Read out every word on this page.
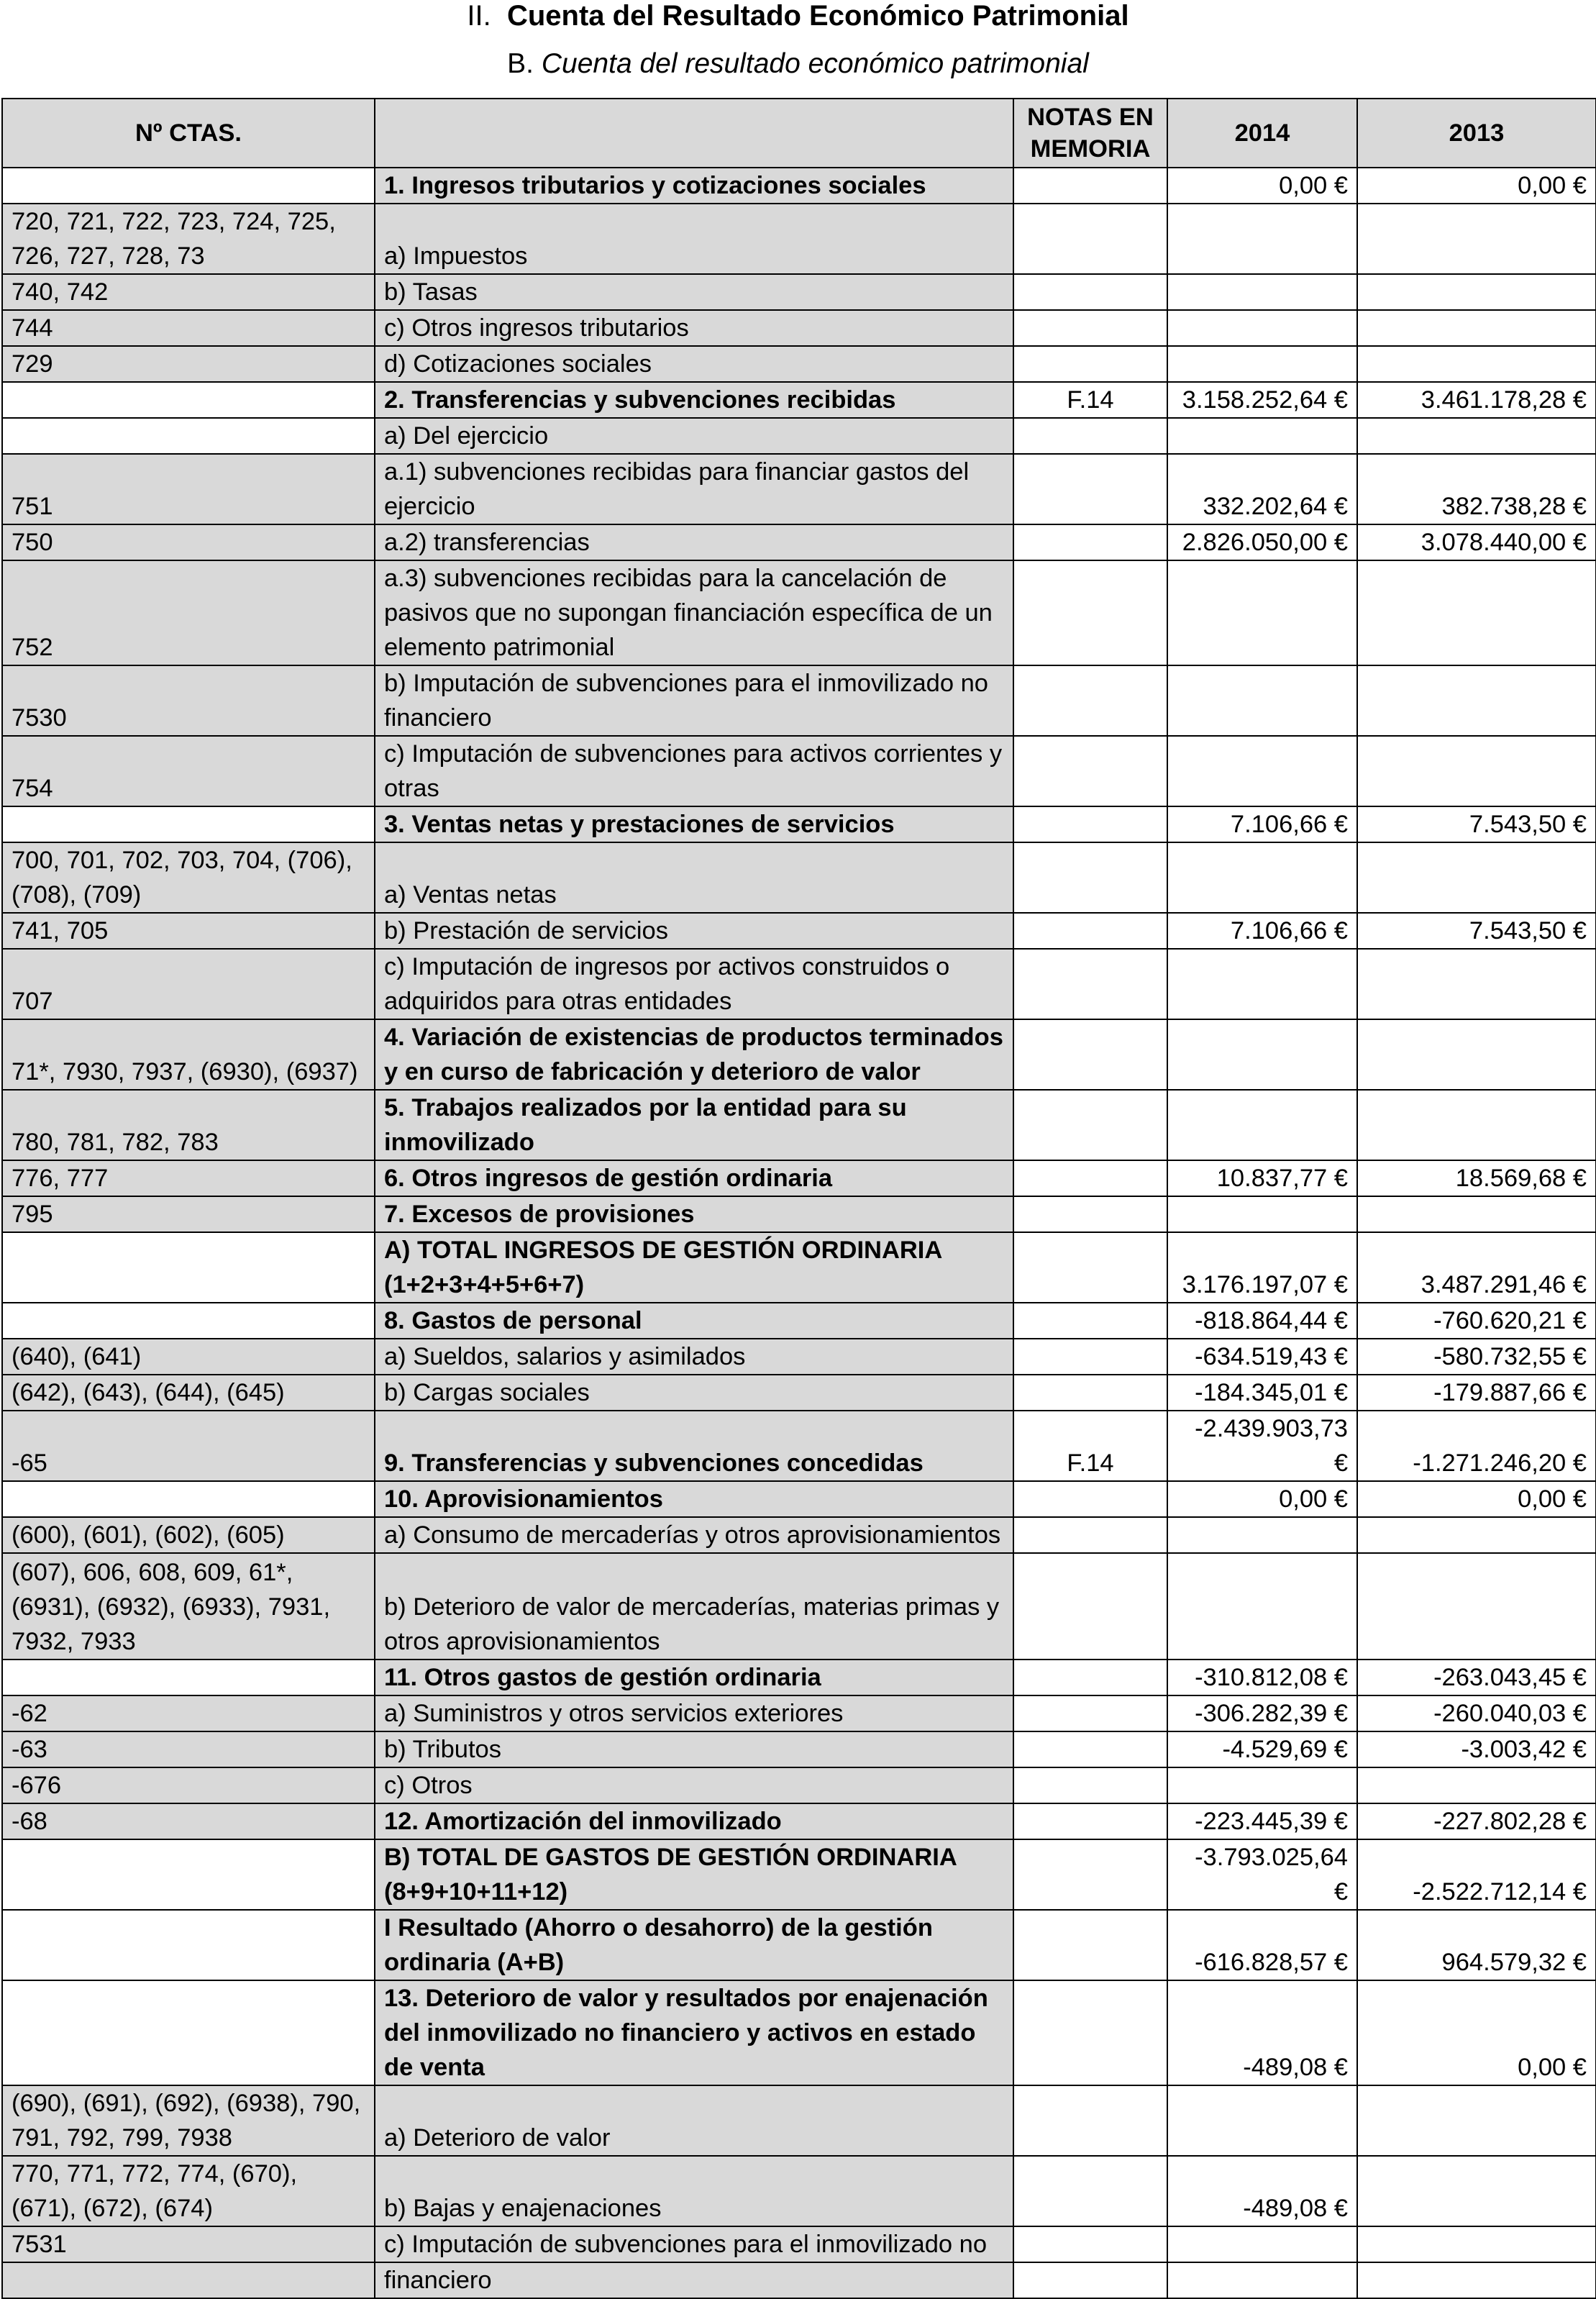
II. Cuenta del Resultado Económico Patrimonial
B. Cuenta del resultado económico patrimonial
Nº CTAS.		NOTAS EN MEMORIA	2014	2013
	1. Ingresos tributarios y cotizaciones sociales		0,00 €	0,00 €
720, 721, 722, 723, 724, 725, 726, 727, 728, 73	a) Impuestos			
740, 742	b) Tasas			
744	c) Otros ingresos tributarios			
729	d) Cotizaciones sociales			
	2. Transferencias y subvenciones recibidas	F.14	3.158.252,64 €	3.461.178,28 €
	a) Del ejercicio			
751	a.1) subvenciones recibidas para financiar gastos del ejercicio		332.202,64 €	382.738,28 €
750	a.2) transferencias		2.826.050,00 €	3.078.440,00 €
752	a.3) subvenciones recibidas para la cancelación de pasivos que no supongan financiación específica de un elemento patrimonial			
7530	b) Imputación de subvenciones para el inmovilizado no financiero			
754	c) Imputación de subvenciones para activos corrientes y otras			
	3. Ventas netas y prestaciones de servicios		7.106,66 €	7.543,50 €
700, 701, 702, 703, 704, (706), (708), (709)	a) Ventas netas			
741, 705	b) Prestación de servicios		7.106,66 €	7.543,50 €
707	c) Imputación de ingresos por activos construidos o adquiridos para otras entidades			
71*, 7930, 7937, (6930), (6937)	4. Variación de existencias de productos terminados y en curso de fabricación y deterioro de valor			
780, 781, 782, 783	5. Trabajos realizados por la entidad para su inmovilizado			
776, 777	6. Otros ingresos de gestión ordinaria		10.837,77 €	18.569,68 €
795	7. Excesos de provisiones			
	A) TOTAL INGRESOS DE GESTIÓN ORDINARIA (1+2+3+4+5+6+7)		3.176.197,07 €	3.487.291,46 €
	8. Gastos de personal		-818.864,44 €	-760.620,21 €
(640), (641)	a) Sueldos, salarios y asimilados		-634.519,43 €	-580.732,55 €
(642), (643), (644), (645)	b) Cargas sociales		-184.345,01 €	-179.887,66 €
-65	9. Transferencias y subvenciones concedidas	F.14	-2.439.903,73 €	-1.271.246,20 €
	10. Aprovisionamientos		0,00 €	0,00 €
(600), (601), (602), (605)	a) Consumo de mercaderías y otros aprovisionamientos			
(607), 606, 608, 609, 61*, (6931), (6932), (6933), 7931, 7932, 7933	b) Deterioro de valor de mercaderías, materias primas y otros aprovisionamientos			
	11. Otros gastos de gestión ordinaria		-310.812,08 €	-263.043,45 €
-62	a) Suministros y otros servicios exteriores		-306.282,39 €	-260.040,03 €
-63	b) Tributos		-4.529,69 €	-3.003,42 €
-676	c) Otros			
-68	12. Amortización del inmovilizado		-223.445,39 €	-227.802,28 €
	B) TOTAL DE GASTOS DE GESTIÓN ORDINARIA (8+9+10+11+12)		-3.793.025,64 €	-2.522.712,14 €
	I Resultado (Ahorro o desahorro) de la gestión ordinaria (A+B)		-616.828,57 €	964.579,32 €
	13. Deterioro de valor y resultados por enajenación del inmovilizado no financiero y activos en estado de venta		-489,08 €	0,00 €
(690), (691), (692), (6938), 790, 791, 792, 799, 7938	a) Deterioro de valor			
770, 771, 772, 774, (670), (671), (672), (674)	b) Bajas y enajenaciones		-489,08 €	
7531	c) Imputación de subvenciones para el inmovilizado no			
	financiero			
